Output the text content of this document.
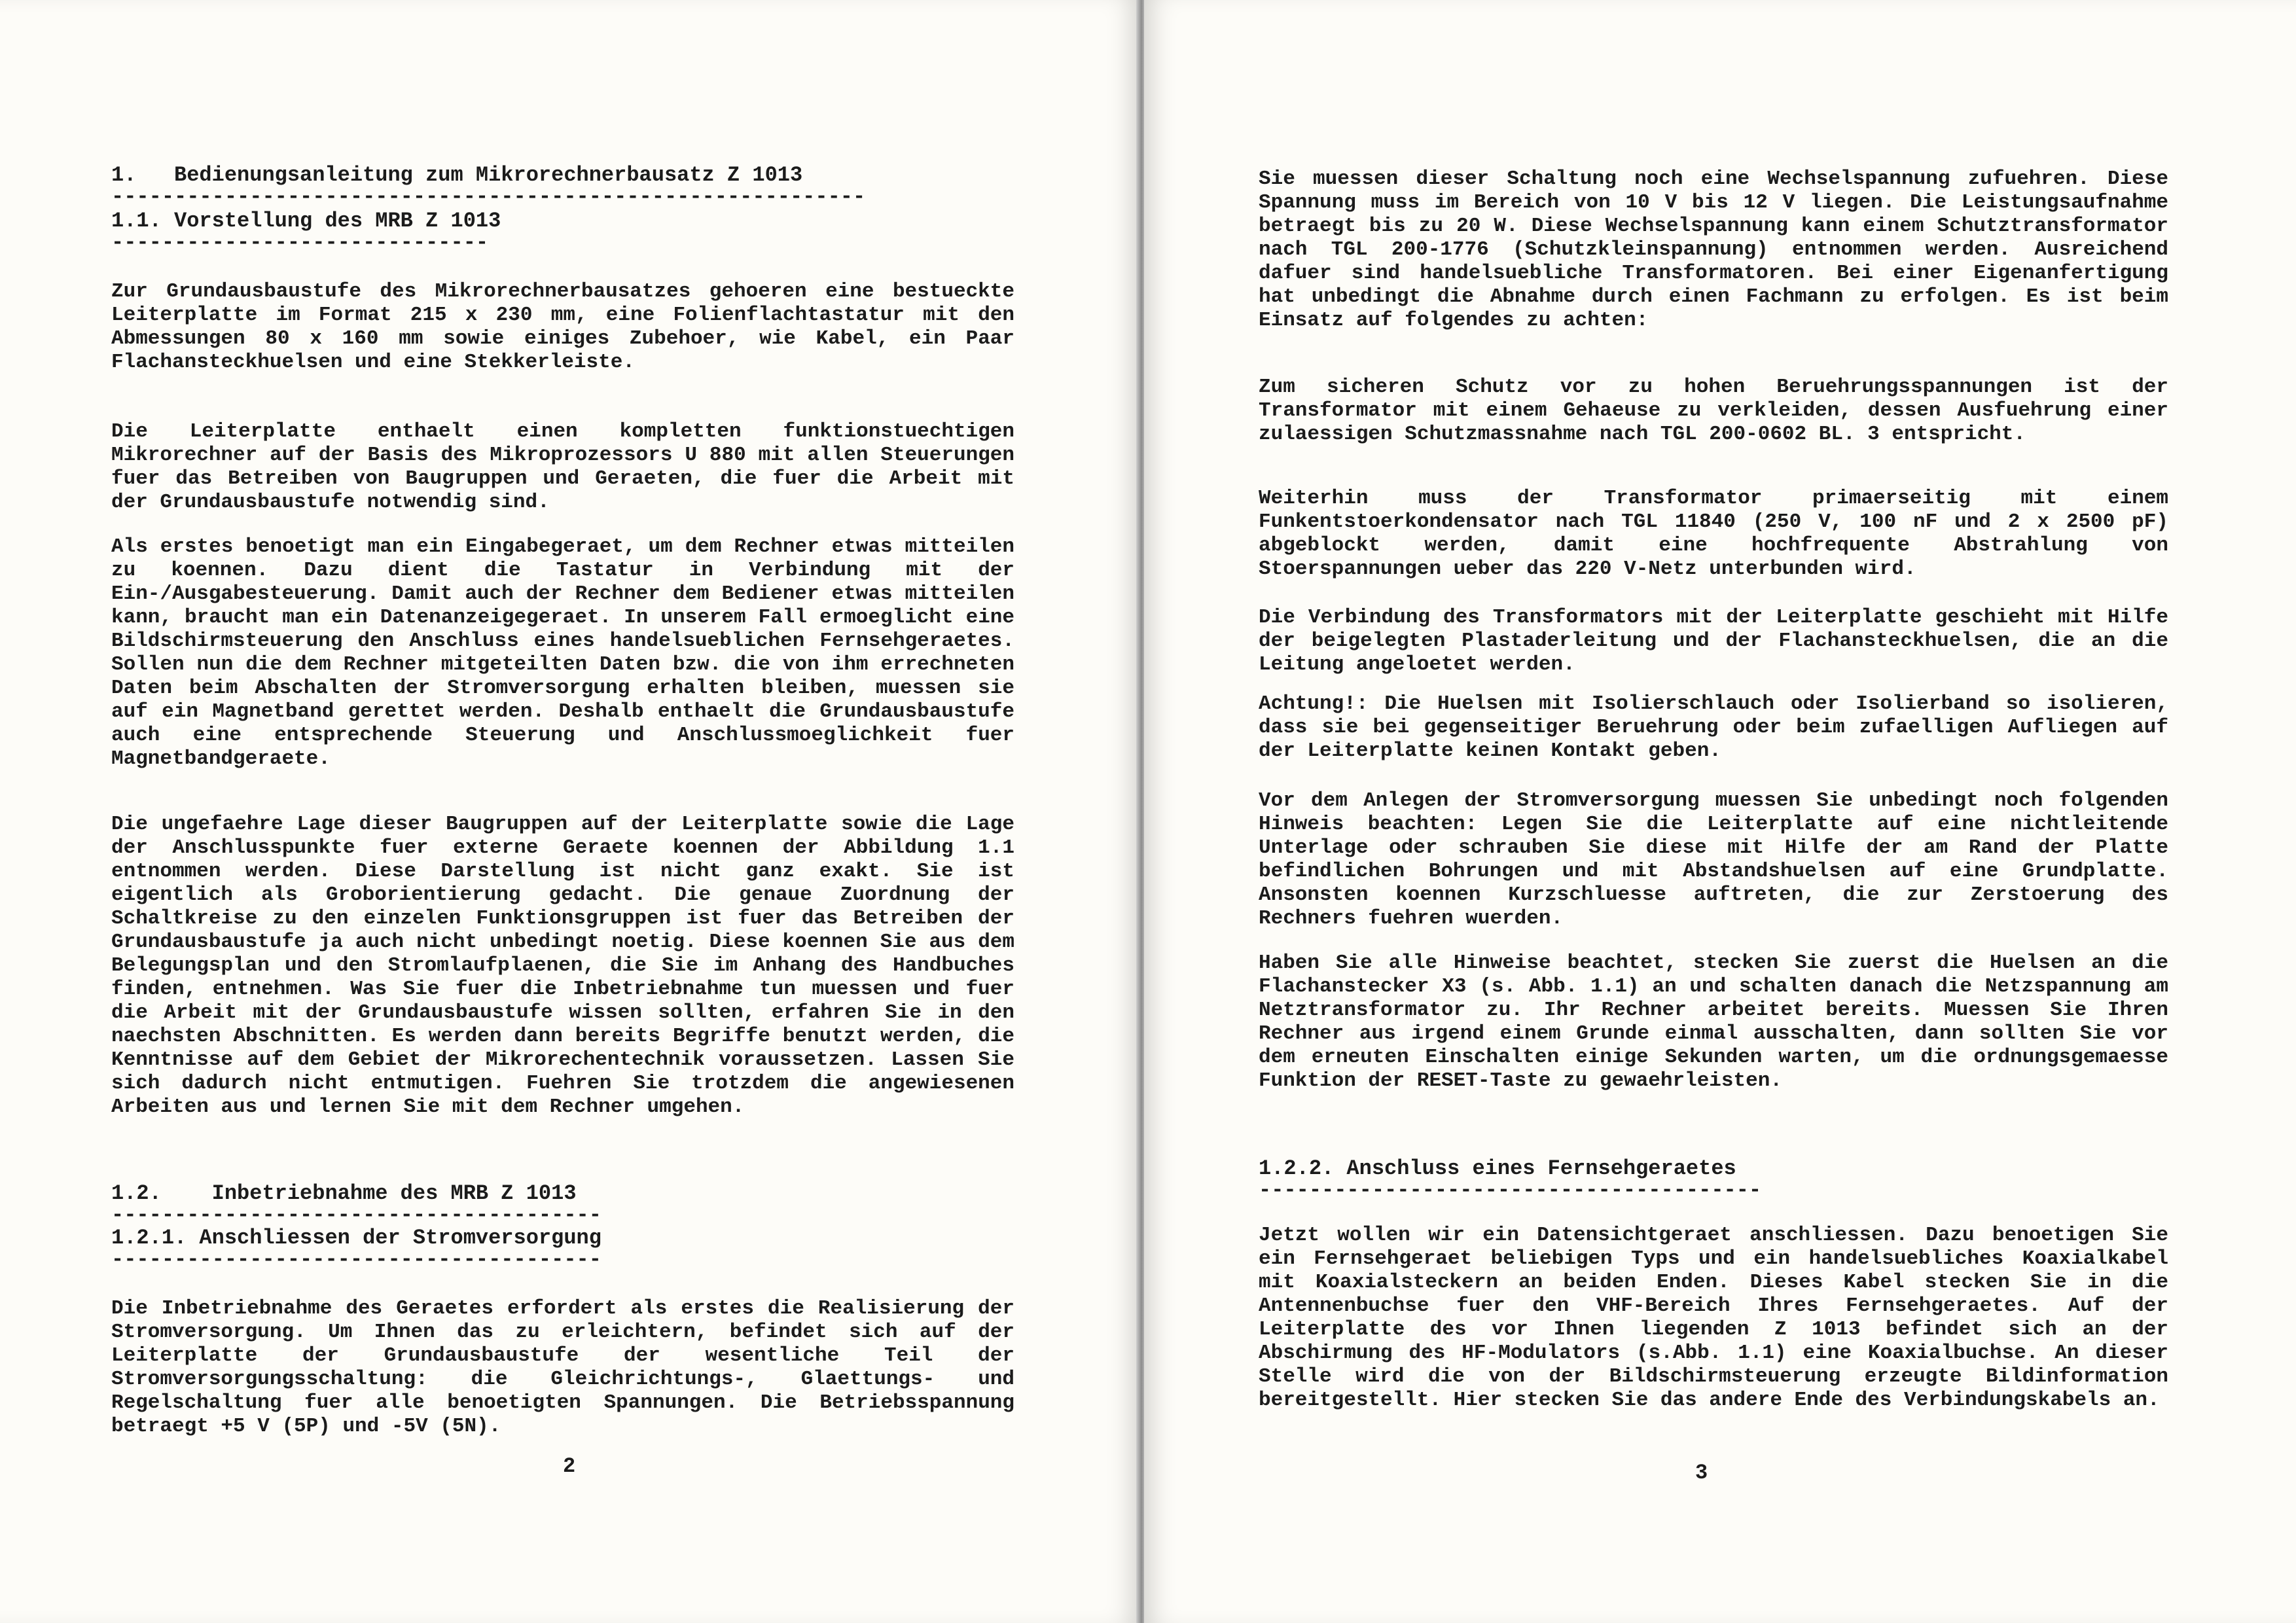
1.   Bedienungsanleitung zum Mikrorechnerbausatz Z 1013

------------------------------------------------------------

1.1. Vorstellung des MRB Z 1013

------------------------------

Zur Grundausbaustufe des Mikrorechnerbausatzes gehoeren eine bestueckte Leiterplatte im Format 215 x 230 mm, eine Folienflachtastatur mit den Abmessungen 80 x 160 mm sowie einiges Zubehoer, wie Kabel, ein Paar Flachansteckhuelsen und eine Stekkerleiste.

Die Leiterplatte enthaelt einen kompletten funktionstuechtigen Mikrorechner auf der Basis des Mikroprozessors U 880 mit allen Steuerungen fuer das Betreiben von Baugruppen und Geraeten, die fuer die Arbeit mit der Grundausbaustufe notwendig sind.

Als erstes benoetigt man ein Eingabegeraet, um dem Rechner etwas mitteilen zu koennen. Dazu dient die Tastatur in Verbindung mit der Ein-/Ausgabesteuerung. Damit auch der Rechner dem Bediener etwas mitteilen kann, braucht man ein Datenanzeigegeraet. In unserem Fall ermoeglicht eine Bildschirmsteuerung den Anschluss eines handelsueblichen Fernsehgeraetes. Sollen nun die dem Rechner mitgeteilten Daten bzw. die von ihm errechneten Daten beim Abschalten der Stromversorgung erhalten bleiben, muessen sie auf ein Magnetband gerettet werden. Deshalb enthaelt die Grundausbaustufe auch eine entsprechende Steuerung und Anschlussmoeglichkeit fuer Magnetbandgeraete.

Die ungefaehre Lage dieser Baugruppen auf der Leiterplatte sowie die Lage der Anschlusspunkte fuer externe Geraete koennen der Abbildung 1.1 entnommen werden. Diese Darstellung ist nicht ganz exakt. Sie ist eigentlich als Groborientierung gedacht. Die genaue Zuordnung der Schaltkreise zu den einzelen Funktionsgruppen ist fuer das Betreiben der Grundausbaustufe ja auch nicht unbedingt noetig. Diese koennen Sie aus dem Belegungsplan und den Stromlaufplaenen, die Sie im Anhang des Handbuches finden, entnehmen. Was Sie fuer die Inbetriebnahme tun muessen und fuer die Arbeit mit der Grundausbaustufe wissen sollten, erfahren Sie in den naechsten Abschnitten. Es werden dann bereits Begriffe benutzt werden, die Kenntnisse auf dem Gebiet der Mikrorechentechnik voraussetzen. Lassen Sie sich dadurch nicht entmutigen. Fuehren Sie trotzdem die angewiesenen Arbeiten aus und lernen Sie mit dem Rechner umgehen.

1.2.    Inbetriebnahme des MRB Z 1013

---------------------------------------

1.2.1. Anschliessen der Stromversorgung

---------------------------------------

Die Inbetriebnahme des Geraetes erfordert als erstes die Realisierung der Stromversorgung. Um Ihnen das zu erleichtern, befindet sich auf der Leiterplatte der Grundausbaustufe der wesentliche Teil der Stromversorgungsschaltung: die Gleichrichtungs-, Glaettungs- und Regelschaltung fuer alle benoetigten Spannungen. Die Betriebsspannung betraegt +5 V (5P) und -5V (5N).

2

Sie muessen dieser Schaltung noch eine Wechselspannung zufuehren. Diese Spannung muss im Bereich von 10 V bis 12 V liegen. Die Leistungsaufnahme betraegt bis zu 20 W. Diese Wechselspannung kann einem Schutztransformator nach TGL 200-1776 (Schutzkleinspannung) entnommen werden. Ausreichend dafuer sind handelsuebliche Transformatoren. Bei einer Eigenanfertigung hat unbedingt die Abnahme durch einen Fachmann zu erfolgen. Es ist beim Einsatz auf folgendes zu achten:

Zum sicheren Schutz vor zu hohen Beruehrungsspannungen ist der Transformator mit einem Gehaeuse zu verkleiden, dessen Ausfuehrung einer zulaessigen Schutzmassnahme nach TGL 200-0602 BL. 3 entspricht.

Weiterhin muss der Transformator primaerseitig mit einem Funkentstoerkondensator nach TGL 11840 (250 V, 100 nF und 2 x 2500 pF) abgeblockt werden, damit eine hochfrequente Abstrahlung von Stoerspannungen ueber das 220 V-Netz unterbunden wird.

Die Verbindung des Transformators mit der Leiterplatte geschieht mit Hilfe der beigelegten Plastaderleitung und der Flachansteckhuelsen, die an die Leitung angeloetet werden.

Achtung!: Die Huelsen mit Isolierschlauch oder Isolierband so isolieren, dass sie bei gegenseitiger Beruehrung oder beim zufaelligen Aufliegen auf der Leiterplatte keinen Kontakt geben.

Vor dem Anlegen der Stromversorgung muessen Sie unbedingt noch folgenden Hinweis beachten: Legen Sie die Leiterplatte auf eine nichtleitende Unterlage oder schrauben Sie diese mit Hilfe der am Rand der Platte befindlichen Bohrungen und mit Abstandshuelsen auf eine Grundplatte. Ansonsten koennen Kurzschluesse auftreten, die zur Zerstoerung des Rechners fuehren wuerden.

Haben Sie alle Hinweise beachtet, stecken Sie zuerst die Huelsen an die Flachanstecker X3 (s. Abb. 1.1) an und schalten danach die Netzspannung am Netztransformator zu. Ihr Rechner arbeitet bereits. Muessen Sie Ihren Rechner aus irgend einem Grunde einmal ausschalten, dann sollten Sie vor dem erneuten Einschalten einige Sekunden warten, um die ordnungsgemaesse Funktion der RESET-Taste zu gewaehrleisten.

1.2.2. Anschluss eines Fernsehgeraetes

----------------------------------------

Jetzt wollen wir ein Datensichtgeraet anschliessen. Dazu benoetigen Sie ein Fernsehgeraet beliebigen Typs und ein handelsuebliches Koaxialkabel mit Koaxialsteckern an beiden Enden. Dieses Kabel stecken Sie in die Antennenbuchse fuer den VHF-Bereich Ihres Fernsehgeraetes. Auf der Leiterplatte des vor Ihnen liegenden Z 1013 befindet sich an der Abschirmung des HF-Modulators (s.Abb. 1.1) eine Koaxialbuchse. An dieser Stelle wird die von der Bildschirmsteuerung erzeugte Bildinformation bereitgestellt. Hier stecken Sie das andere Ende des Verbindungskabels an.

3
